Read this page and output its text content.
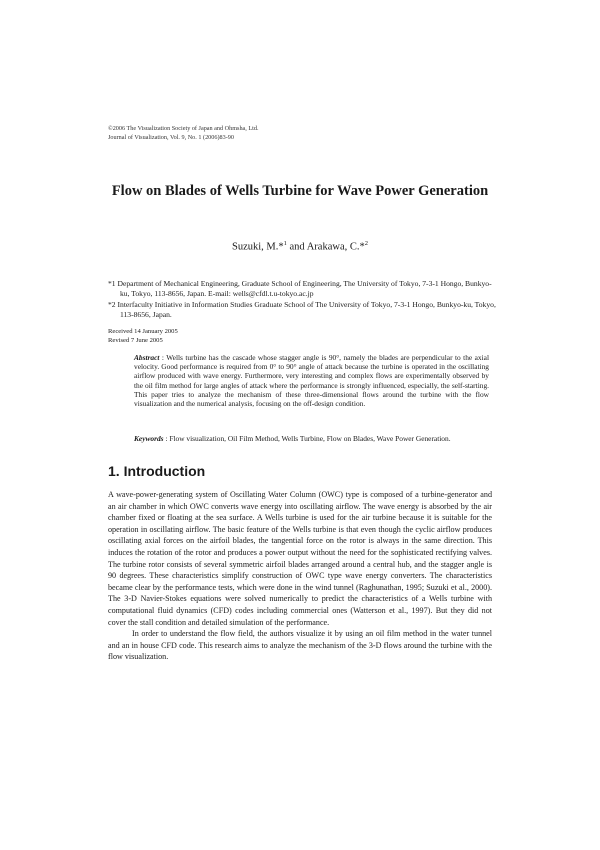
©2006 The Visualization Society of Japan and Ohmsha, Ltd.
Journal of Visualization, Vol. 9, No. 1 (2006)83-90
Flow on Blades of Wells Turbine for Wave Power Generation
Suzuki, M.*$^1$ and Arakawa, C.*$^2$
*1 Department of Mechanical Engineering, Graduate School of Engineering, The University of Tokyo, 7-3-1 Hongo, Bunkyo-ku, Tokyo, 113-8656, Japan. E-mail: wells@cfdl.t.u-tokyo.ac.jp
*2 Interfaculty Initiative in Information Studies Graduate School of The University of Tokyo, 7-3-1 Hongo, Bunkyo-ku, Tokyo, 113-8656, Japan.
Received 14 January 2005
Revised 7 June 2005
Abstract : Wells turbine has the cascade whose stagger angle is 90°, namely the blades are perpendicular to the axial velocity. Good performance is required from 0° to 90° angle of attack because the turbine is operated in the oscillating airflow produced with wave energy. Furthermore, very interesting and complex flows are experimentally observed by the oil film method for large angles of attack where the performance is strongly influenced, especially, the self-starting. This paper tries to analyze the mechanism of these three-dimensional flows around the turbine with the flow visualization and the numerical analysis, focusing on the off-design condition.
Keywords : Flow visualization, Oil Film Method, Wells Turbine, Flow on Blades, Wave Power Generation.
1. Introduction

A wave-power-generating system of Oscillating Water Column (OWC) type is composed of a turbine-generator and an air chamber in which OWC converts wave energy into oscillating airflow. The wave energy is absorbed by the air chamber fixed or floating at the sea surface. A Wells turbine is used for the air turbine because it is suitable for the operation in oscillating airflow. The basic feature of the Wells turbine is that even though the cyclic airflow produces oscillating axial forces on the airfoil blades, the tangential force on the rotor is always in the same direction. This induces the rotation of the rotor and produces a power output without the need for the sophisticated rectifying valves. The turbine rotor consists of several symmetric airfoil blades arranged around a central hub, and the stagger angle is 90 degrees. These characteristics simplify construction of OWC type wave energy converters. The characteristics became clear by the performance tests, which were done in the wind tunnel (Raghunathan, 1995; Suzuki et al., 2000). The 3-D Navier-Stokes equations were solved numerically to predict the characteristics of a Wells turbine with computational fluid dynamics (CFD) codes including commercial ones (Watterson et al., 1997). But they did not cover the stall condition and detailed simulation of the performance.

In order to understand the flow field, the authors visualize it by using an oil film method in the water tunnel and an in house CFD code. This research aims to analyze the mechanism of the 3-D flows around the turbine with the flow visualization.
